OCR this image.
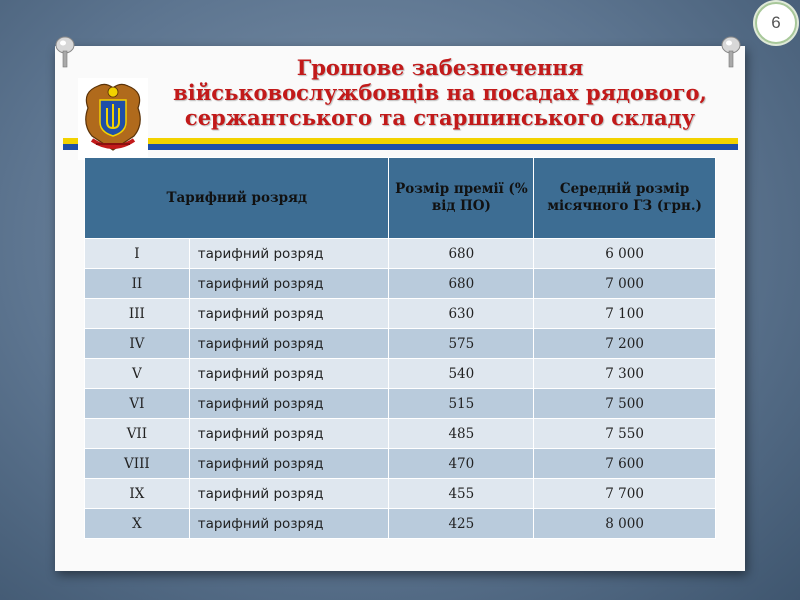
6
Грошове забезпечення
військовослужбовців на посадах рядового,
сержантського та старшинського складу
Тарифний розряд		Розмір премії (% від ПО)	Середній розмір місячного ГЗ (грн.)
I	тарифний розряд	680	6 000
II	тарифний розряд	680	7 000
III	тарифний розряд	630	7 100
IV	тарифний розряд	575	7 200
V	тарифний розряд	540	7 300
VI	тарифний розряд	515	7 500
VII	тарифний розряд	485	7 550
VIII	тарифний розряд	470	7 600
IX	тарифний розряд	455	7 700
X	тарифний розряд	425	8 000
